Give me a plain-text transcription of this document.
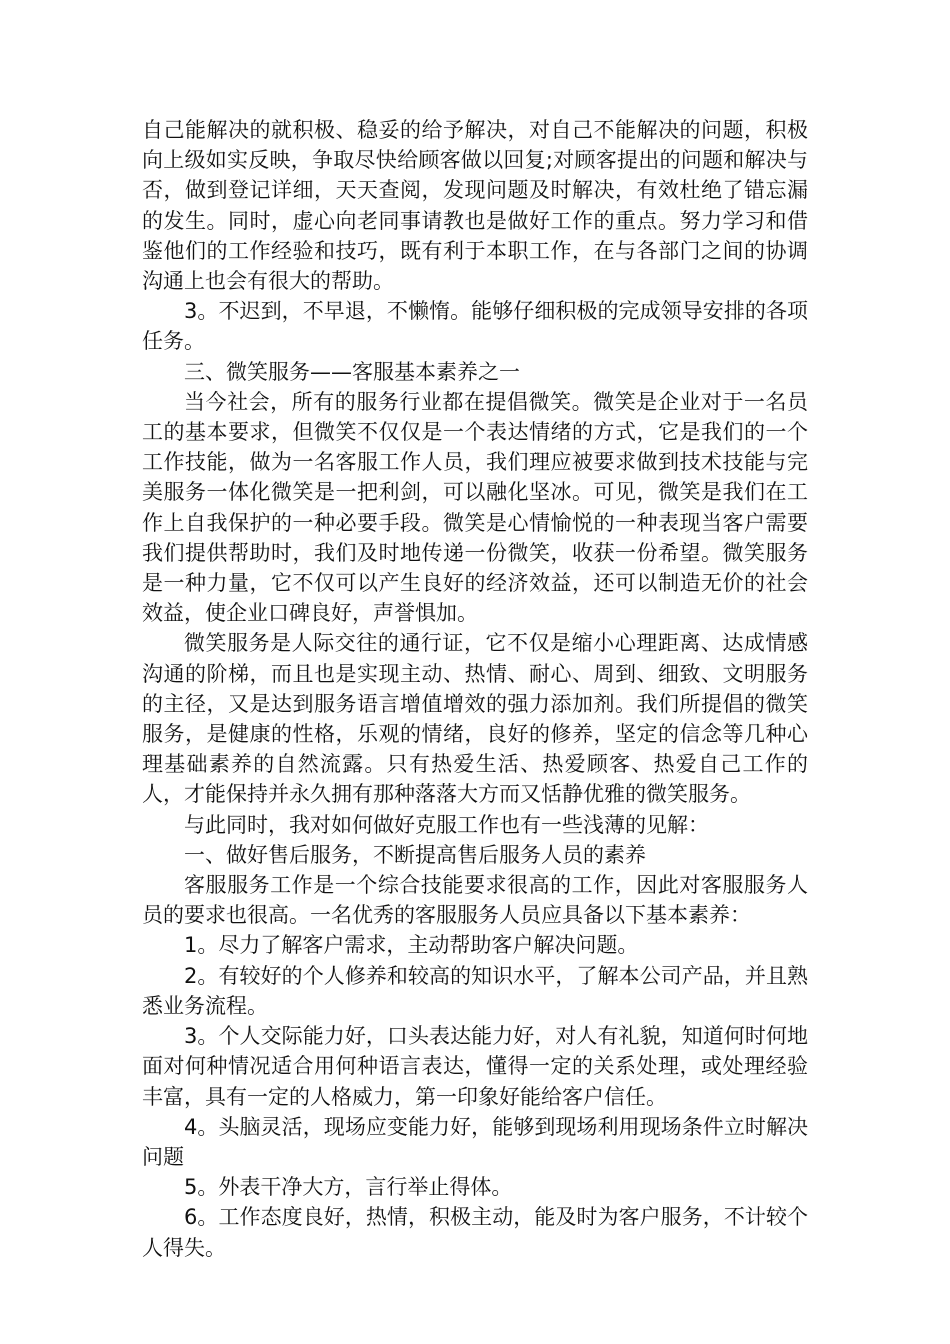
自己能解决的就积极、稳妥的给予解决，对自己不能解决的问题，积极向上级如实反映，争取尽快给顾客做以回复;对顾客提出的问题和解决与否，做到登记详细，天天查阅，发现问题及时解决，有效杜绝了错忘漏的发生。同时，虚心向老同事请教也是做好工作的重点。努力学习和借鉴他们的工作经验和技巧，既有利于本职工作，在与各部门之间的协调沟通上也会有很大的帮助。

3。不迟到，不早退，不懒惰。能够仔细积极的完成领导安排的各项任务。

三、微笑服务——客服基本素养之一

当今社会，所有的服务行业都在提倡微笑。微笑是企业对于一名员工的基本要求，但微笑不仅仅是一个表达情绪的方式，它是我们的一个工作技能，做为一名客服工作人员，我们理应被要求做到技术技能与完美服务一体化微笑是一把利剑，可以融化坚冰。可见，微笑是我们在工作上自我保护的一种必要手段。微笑是心情愉悦的一种表现当客户需要我们提供帮助时，我们及时地传递一份微笑，收获一份希望。微笑服务是一种力量，它不仅可以产生良好的经济效益，还可以制造无价的社会效益，使企业口碑良好，声誉惧加。

微笑服务是人际交往的通行证，它不仅是缩小心理距离、达成情感沟通的阶梯，而且也是实现主动、热情、耐心、周到、细致、文明服务的主径，又是达到服务语言增值增效的强力添加剂。我们所提倡的微笑服务，是健康的性格，乐观的情绪，良好的修养，坚定的信念等几种心理基础素养的自然流露。只有热爱生活、热爱顾客、热爱自己工作的人，才能保持并永久拥有那种落落大方而又恬静优雅的微笑服务。

与此同时，我对如何做好克服工作也有一些浅薄的见解：

一、做好售后服务，不断提高售后服务人员的素养

客服服务工作是一个综合技能要求很高的工作，因此对客服服务人员的要求也很高。一名优秀的客服服务人员应具备以下基本素养：

1。尽力了解客户需求，主动帮助客户解决问题。

2。有较好的个人修养和较高的知识水平，了解本公司产品，并且熟悉业务流程。

3。个人交际能力好，口头表达能力好，对人有礼貌，知道何时何地面对何种情况适合用何种语言表达，懂得一定的关系处理，或处理经验丰富，具有一定的人格威力，第一印象好能给客户信任。

4。头脑灵活，现场应变能力好，能够到现场利用现场条件立时解决问题

5。外表干净大方，言行举止得体。

6。工作态度良好，热情，积极主动，能及时为客户服务，不计较个人得失。
